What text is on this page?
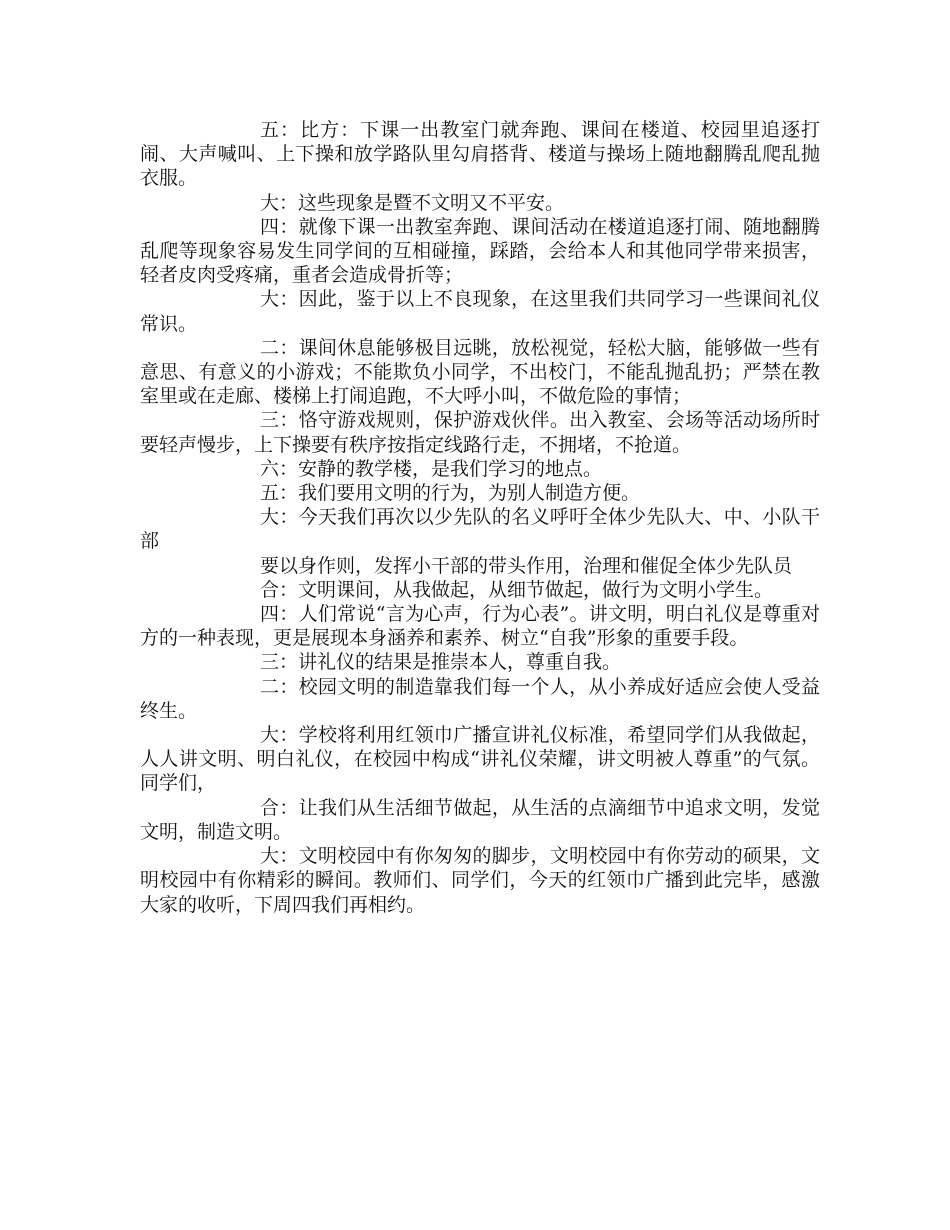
五：比方：下课一出教室门就奔跑、课间在楼道、校园里追逐打闹、大声喊叫、上下操和放学路队里勾肩搭背、楼道与操场上随地翻腾乱爬乱抛衣服。

大：这些现象是暨不文明又不平安。

四：就像下课一出教室奔跑、课间活动在楼道追逐打闹、随地翻腾乱爬等现象容易发生同学间的互相碰撞，踩踏，会给本人和其他同学带来损害，轻者皮肉受疼痛，重者会造成骨折等；

大：因此，鉴于以上不良现象，在这里我们共同学习一些课间礼仪常识。

二：课间休息能够极目远眺，放松视觉，轻松大脑，能够做一些有意思、有意义的小游戏；不能欺负小同学，不出校门，不能乱抛乱扔；严禁在教室里或在走廊、楼梯上打闹追跑，不大呼小叫，不做危险的事情；

三：恪守游戏规则，保护游戏伙伴。出入教室、会场等活动场所时要轻声慢步，上下操要有秩序按指定线路行走，不拥堵，不抢道。

六：安静的教学楼，是我们学习的地点。

五：我们要用文明的行为，为别人制造方便。

大：今天我们再次以少先队的名义呼吁全体少先队大、中、小队干部

要以身作则，发挥小干部的带头作用，治理和催促全体少先队员

合：文明课间，从我做起，从细节做起，做行为文明小学生。

四：人们常说“言为心声，行为心表”。讲文明，明白礼仪是尊重对方的一种表现，更是展现本身涵养和素养、树立“自我”形象的重要手段。

三：讲礼仪的结果是推崇本人，尊重自我。

二：校园文明的制造靠我们每一个人，从小养成好适应会使人受益终生。

大：学校将利用红领巾广播宣讲礼仪标准，希望同学们从我做起，人人讲文明、明白礼仪，在校园中构成“讲礼仪荣耀，讲文明被人尊重”的气氛。同学们，

合：让我们从生活细节做起，从生活的点滴细节中追求文明，发觉文明，制造文明。

大：文明校园中有你匆匆的脚步，文明校园中有你劳动的硕果，文明校园中有你精彩的瞬间。教师们、同学们，今天的红领巾广播到此完毕，感激大家的收听，下周四我们再相约。
